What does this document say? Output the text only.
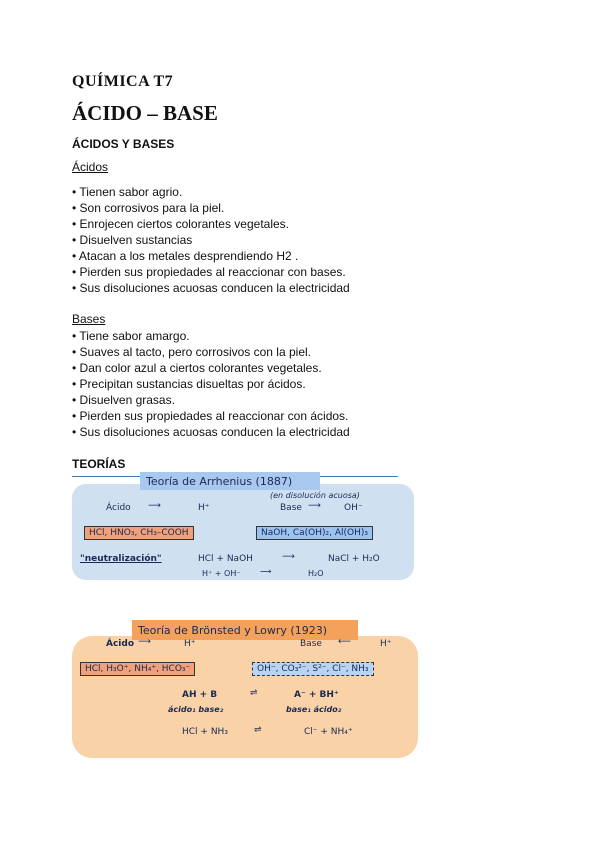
QUÍMICA T7
ÁCIDO – BASE
ÁCIDOS Y BASES
Ácidos
• Tienen sabor agrio.
• Son corrosivos para la piel.
• Enrojecen ciertos colorantes vegetales.
• Disuelven sustancias
• Atacan a los metales desprendiendo H2 .
• Pierden sus propiedades al reaccionar con bases.
• Sus disoluciones acuosas conducen la electricidad
Bases
• Tiene sabor amargo.
• Suaves al tacto, pero corrosivos con la piel.
• Dan color azul a ciertos colorantes vegetales.
• Precipitan sustancias disueltas por ácidos.
• Disuelven grasas.
• Pierden sus propiedades al reaccionar con ácidos.
• Sus disoluciones acuosas conducen la electricidad
TEORÍAS
Teoría de Arrhenius (1887)
(en disolución acuosa)
Ácido ⟶	H⁺	Base ⟶	OH⁻
HCl, HNO₃, CH₃–COOH	NaOH, Ca(OH)₂, Al(OH)₃
"neutralización"	HCl + NaOH	⟶	NaCl + H₂O
H⁺ + OH⁻ ⟶	H₂O
Teoría de Brönsted y Lowry (1923)
Ácido ⟶	H⁺	Base ⟵	H⁺
HCl, H₃O⁺, NH₄⁺, HCO₃⁻	OH⁻, CO₃²⁻, S²⁻, Cl⁻, NH₃
AH + B	⇌	A⁻ + BH⁺
ácido₁ base₂	base₁ ácido₂
HCl + NH₃	⇌	Cl⁻ + NH₄⁺
